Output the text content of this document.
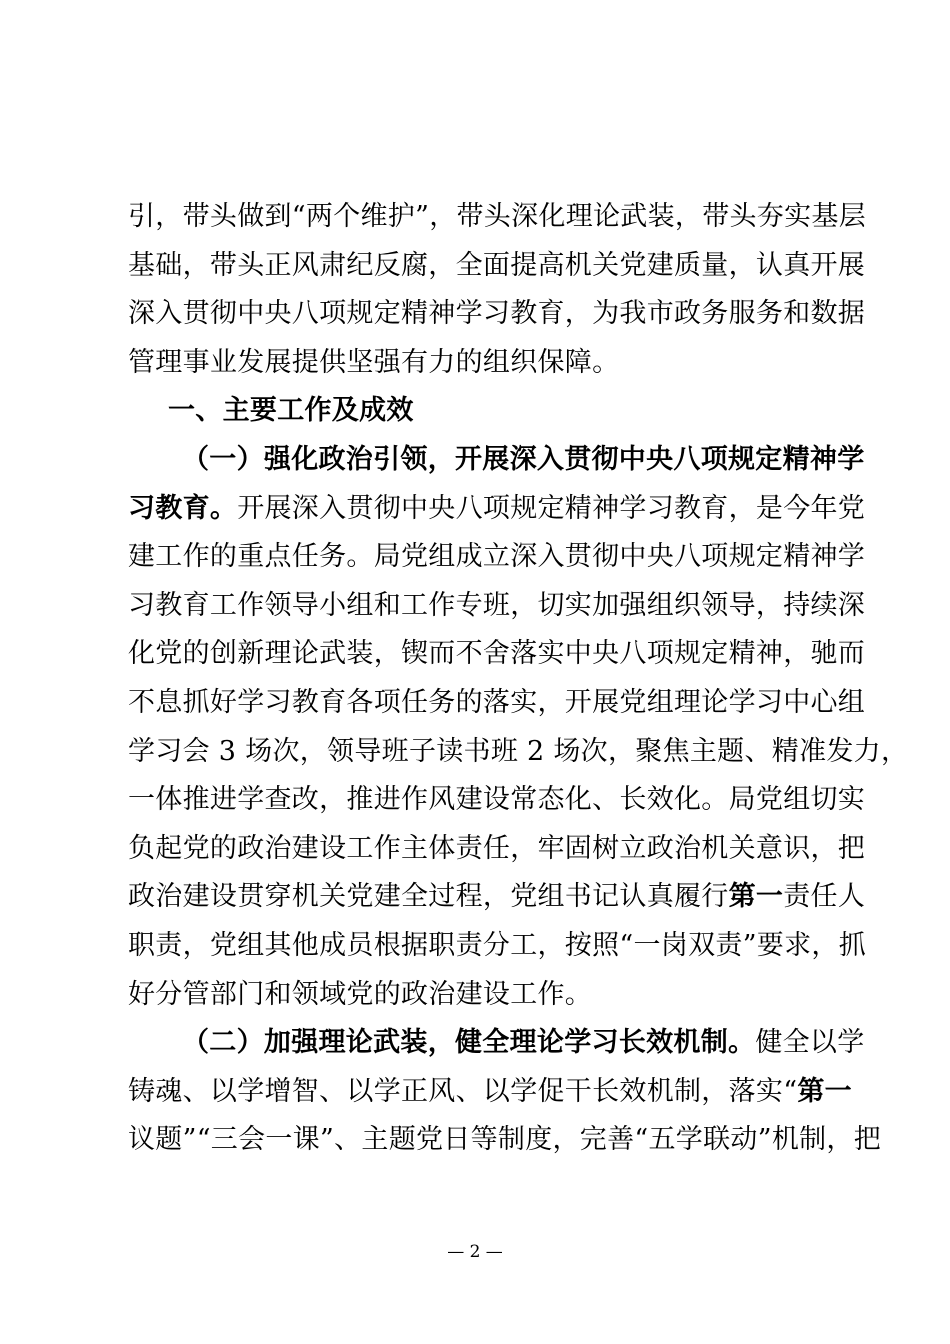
引，带头做到“两个维护”，带头深化理论武装，带头夯实基层
基础，带头正风肃纪反腐，全面提高机关党建质量，认真开展
深入贯彻中央八项规定精神学习教育，为我市政务服务和数据
管理事业发展提供坚强有力的组织保障。
一、主要工作及成效
（一）强化政治引领，开展深入贯彻中央八项规定精神学
习教育。开展深入贯彻中央八项规定精神学习教育，是今年党
建工作的重点任务。局党组成立深入贯彻中央八项规定精神学
习教育工作领导小组和工作专班，切实加强组织领导，持续深
化党的创新理论武装，锲而不舍落实中央八项规定精神，驰而
不息抓好学习教育各项任务的落实，开展党组理论学习中心组
学习会 3 场次，领导班子读书班 2 场次，聚焦主题、精准发力，
一体推进学查改，推进作风建设常态化、长效化。局党组切实
负起党的政治建设工作主体责任，牢固树立政治机关意识，把
政治建设贯穿机关党建全过程，党组书记认真履行第一责任人
职责，党组其他成员根据职责分工，按照“一岗双责”要求，抓
好分管部门和领域党的政治建设工作。
（二）加强理论武装，健全理论学习长效机制。健全以学
铸魂、以学增智、以学正风、以学促干长效机制，落实“第一
议题”“三会一课”、主题党日等制度，完善“五学联动”机制，把
— 2 —
